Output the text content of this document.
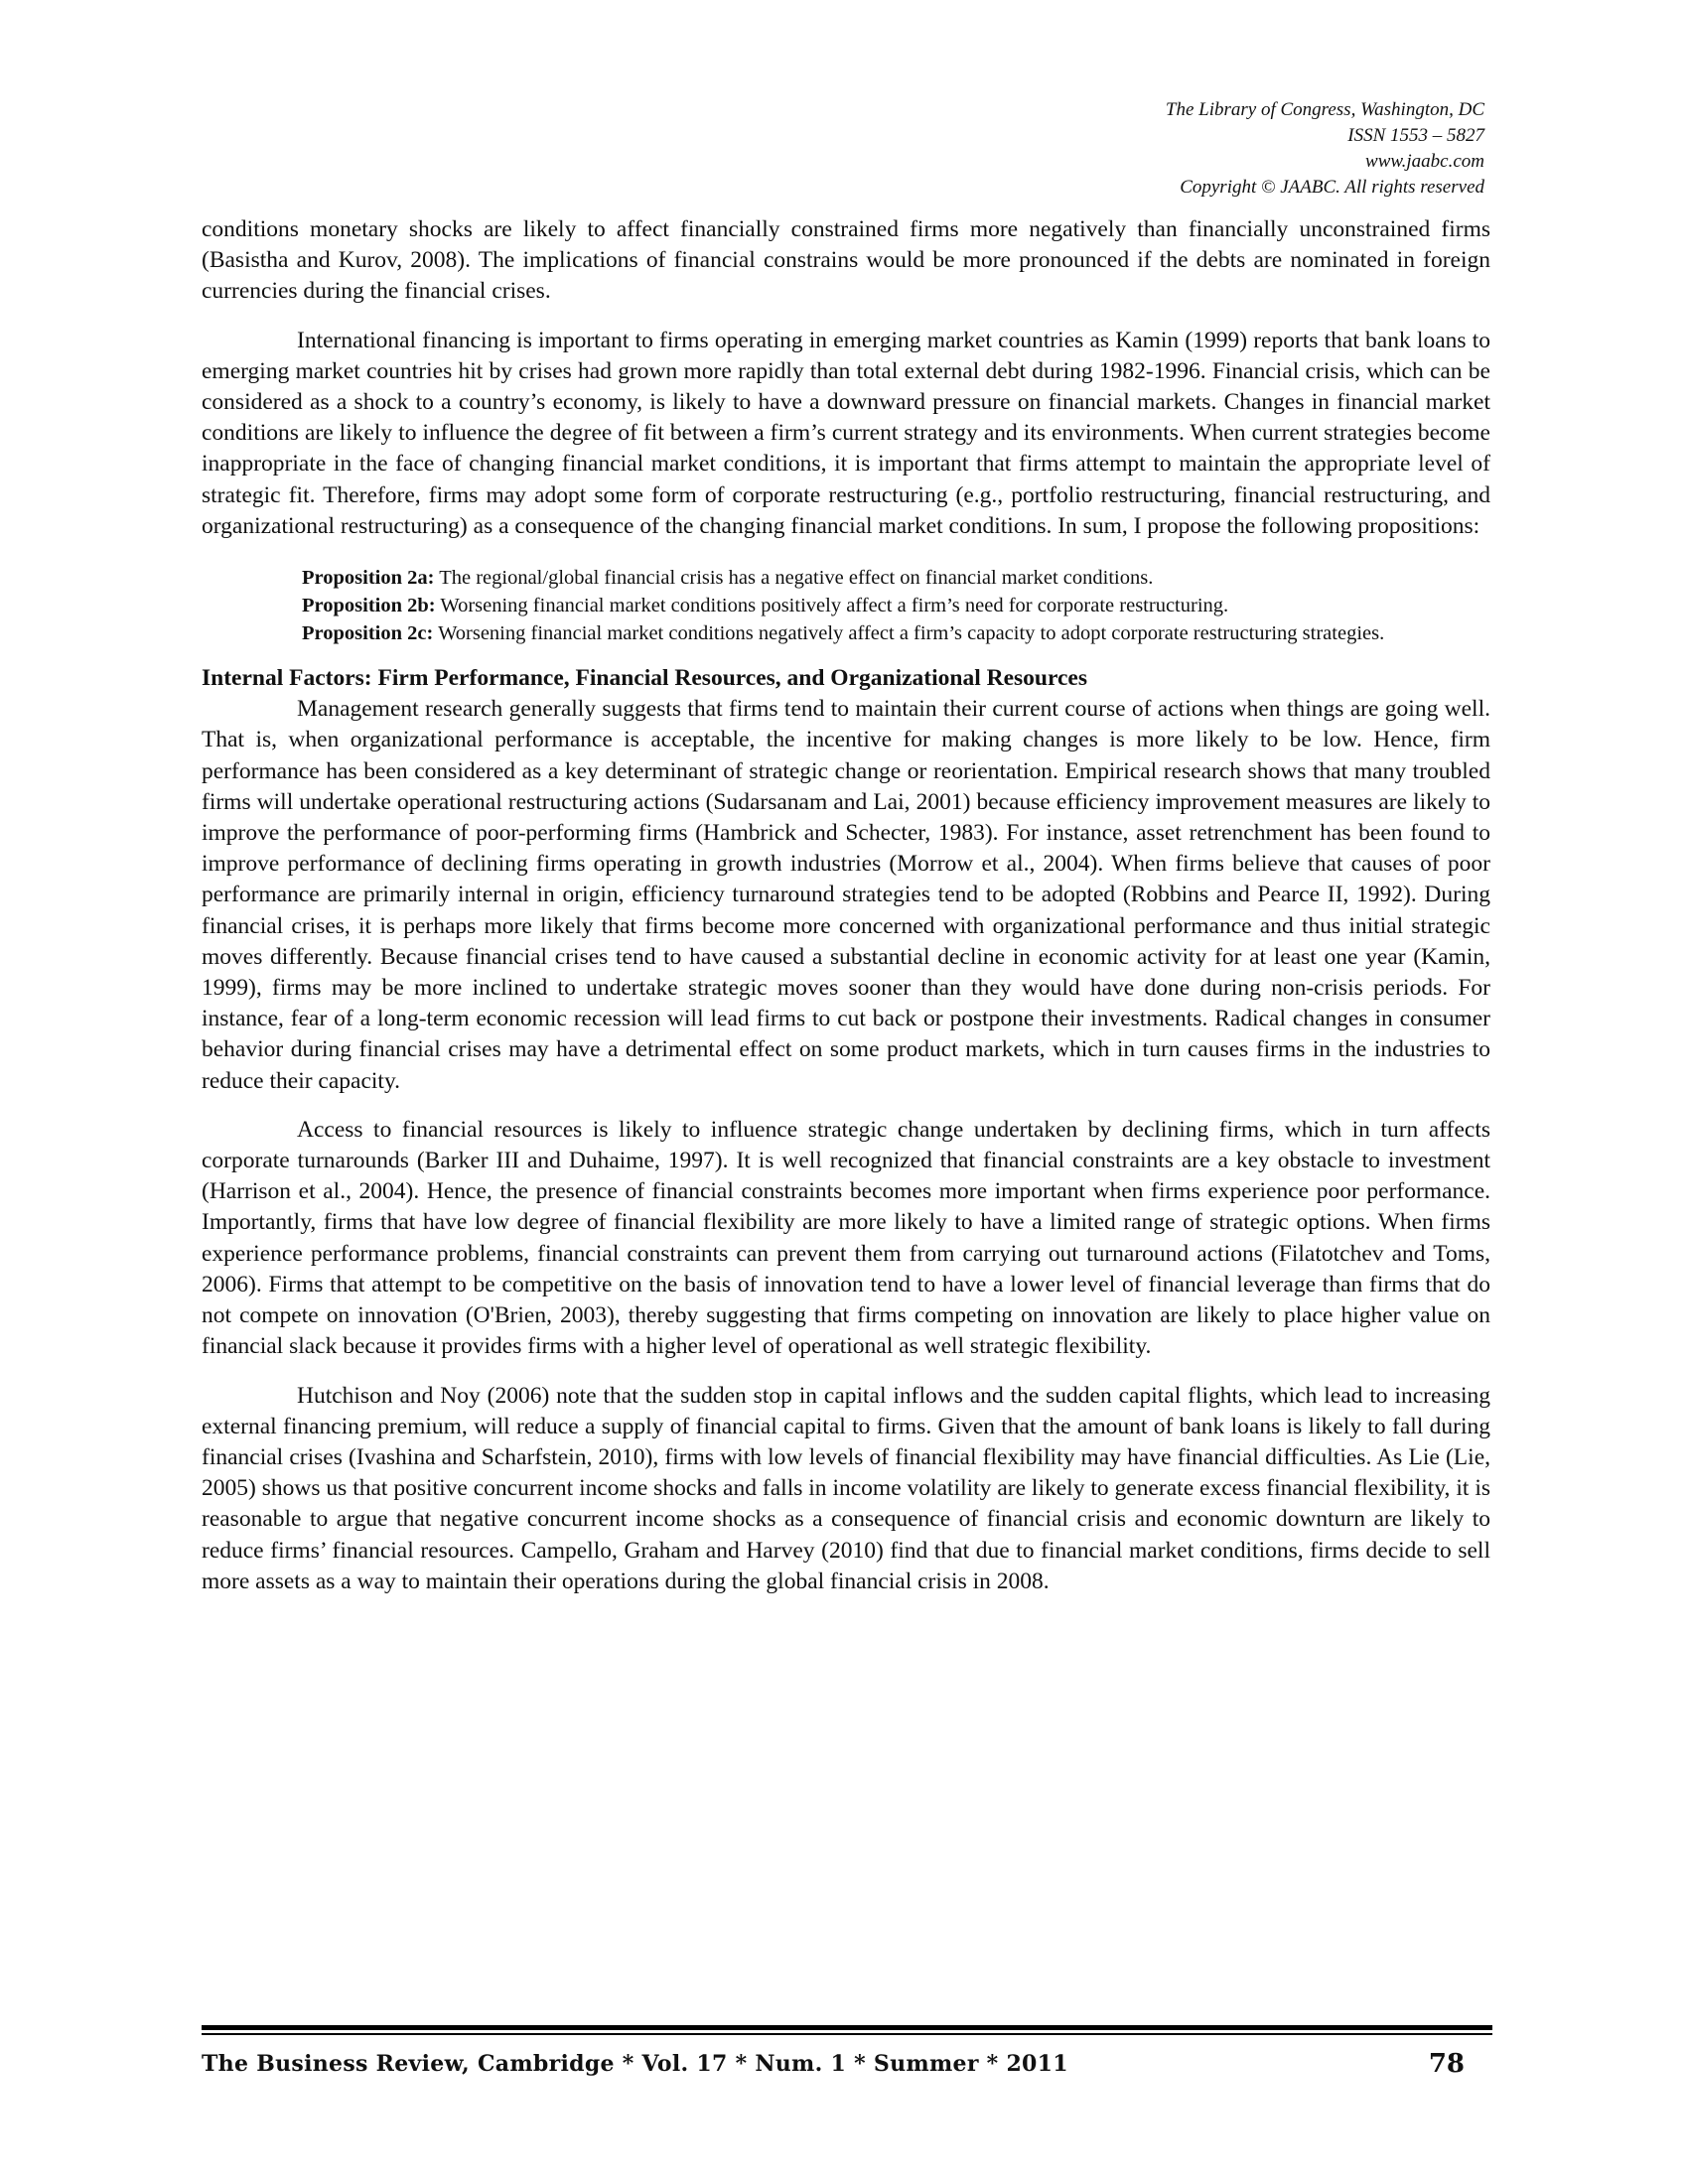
The Library of Congress, Washington, DC
ISSN 1553 – 5827
www.jaabc.com
Copyright © JAABC. All rights reserved

conditions monetary shocks are likely to affect financially constrained firms more negatively than financially unconstrained firms (Basistha and Kurov, 2008). The implications of financial constrains would be more pronounced if the debts are nominated in foreign currencies during the financial crises.

International financing is important to firms operating in emerging market countries as Kamin (1999) reports that bank loans to emerging market countries hit by crises had grown more rapidly than total external debt during 1982-1996. Financial crisis, which can be considered as a shock to a country’s economy, is likely to have a downward pressure on financial markets. Changes in financial market conditions are likely to influence the degree of fit between a firm’s current strategy and its environments. When current strategies become inappropriate in the face of changing financial market conditions, it is important that firms attempt to maintain the appropriate level of strategic fit. Therefore, firms may adopt some form of corporate restructuring (e.g., portfolio restructuring, financial restructuring, and organizational restructuring) as a consequence of the changing financial market conditions. In sum, I propose the following propositions:

Proposition 2a: The regional/global financial crisis has a negative effect on financial market conditions.
Proposition 2b: Worsening financial market conditions positively affect a firm’s need for corporate restructuring.
Proposition 2c: Worsening financial market conditions negatively affect a firm’s capacity to adopt corporate restructuring strategies.

Internal Factors: Firm Performance, Financial Resources, and Organizational Resources

Management research generally suggests that firms tend to maintain their current course of actions when things are going well. That is, when organizational performance is acceptable, the incentive for making changes is more likely to be low. Hence, firm performance has been considered as a key determinant of strategic change or reorientation. Empirical research shows that many troubled firms will undertake operational restructuring actions (Sudarsanam and Lai, 2001) because efficiency improvement measures are likely to improve the performance of poor-performing firms (Hambrick and Schecter, 1983). For instance, asset retrenchment has been found to improve performance of declining firms operating in growth industries (Morrow et al., 2004). When firms believe that causes of poor performance are primarily internal in origin, efficiency turnaround strategies tend to be adopted (Robbins and Pearce II, 1992). During financial crises, it is perhaps more likely that firms become more concerned with organizational performance and thus initial strategic moves differently. Because financial crises tend to have caused a substantial decline in economic activity for at least one year (Kamin, 1999), firms may be more inclined to undertake strategic moves sooner than they would have done during non-crisis periods. For instance, fear of a long-term economic recession will lead firms to cut back or postpone their investments. Radical changes in consumer behavior during financial crises may have a detrimental effect on some product markets, which in turn causes firms in the industries to reduce their capacity.

Access to financial resources is likely to influence strategic change undertaken by declining firms, which in turn affects corporate turnarounds (Barker III and Duhaime, 1997). It is well recognized that financial constraints are a key obstacle to investment (Harrison et al., 2004). Hence, the presence of financial constraints becomes more important when firms experience poor performance. Importantly, firms that have low degree of financial flexibility are more likely to have a limited range of strategic options. When firms experience performance problems, financial constraints can prevent them from carrying out turnaround actions (Filatotchev and Toms, 2006). Firms that attempt to be competitive on the basis of innovation tend to have a lower level of financial leverage than firms that do not compete on innovation (O'Brien, 2003), thereby suggesting that firms competing on innovation are likely to place higher value on financial slack because it provides firms with a higher level of operational as well strategic flexibility.

Hutchison and Noy (2006) note that the sudden stop in capital inflows and the sudden capital flights, which lead to increasing external financing premium, will reduce a supply of financial capital to firms. Given that the amount of bank loans is likely to fall during financial crises (Ivashina and Scharfstein, 2010), firms with low levels of financial flexibility may have financial difficulties. As Lie (Lie, 2005) shows us that positive concurrent income shocks and falls in income volatility are likely to generate excess financial flexibility, it is reasonable to argue that negative concurrent income shocks as a consequence of financial crisis and economic downturn are likely to reduce firms’ financial resources. Campello, Graham and Harvey (2010) find that due to financial market conditions, firms decide to sell more assets as a way to maintain their operations during the global financial crisis in 2008.

The Business Review, Cambridge * Vol. 17 * Num. 1 * Summer * 2011	78
